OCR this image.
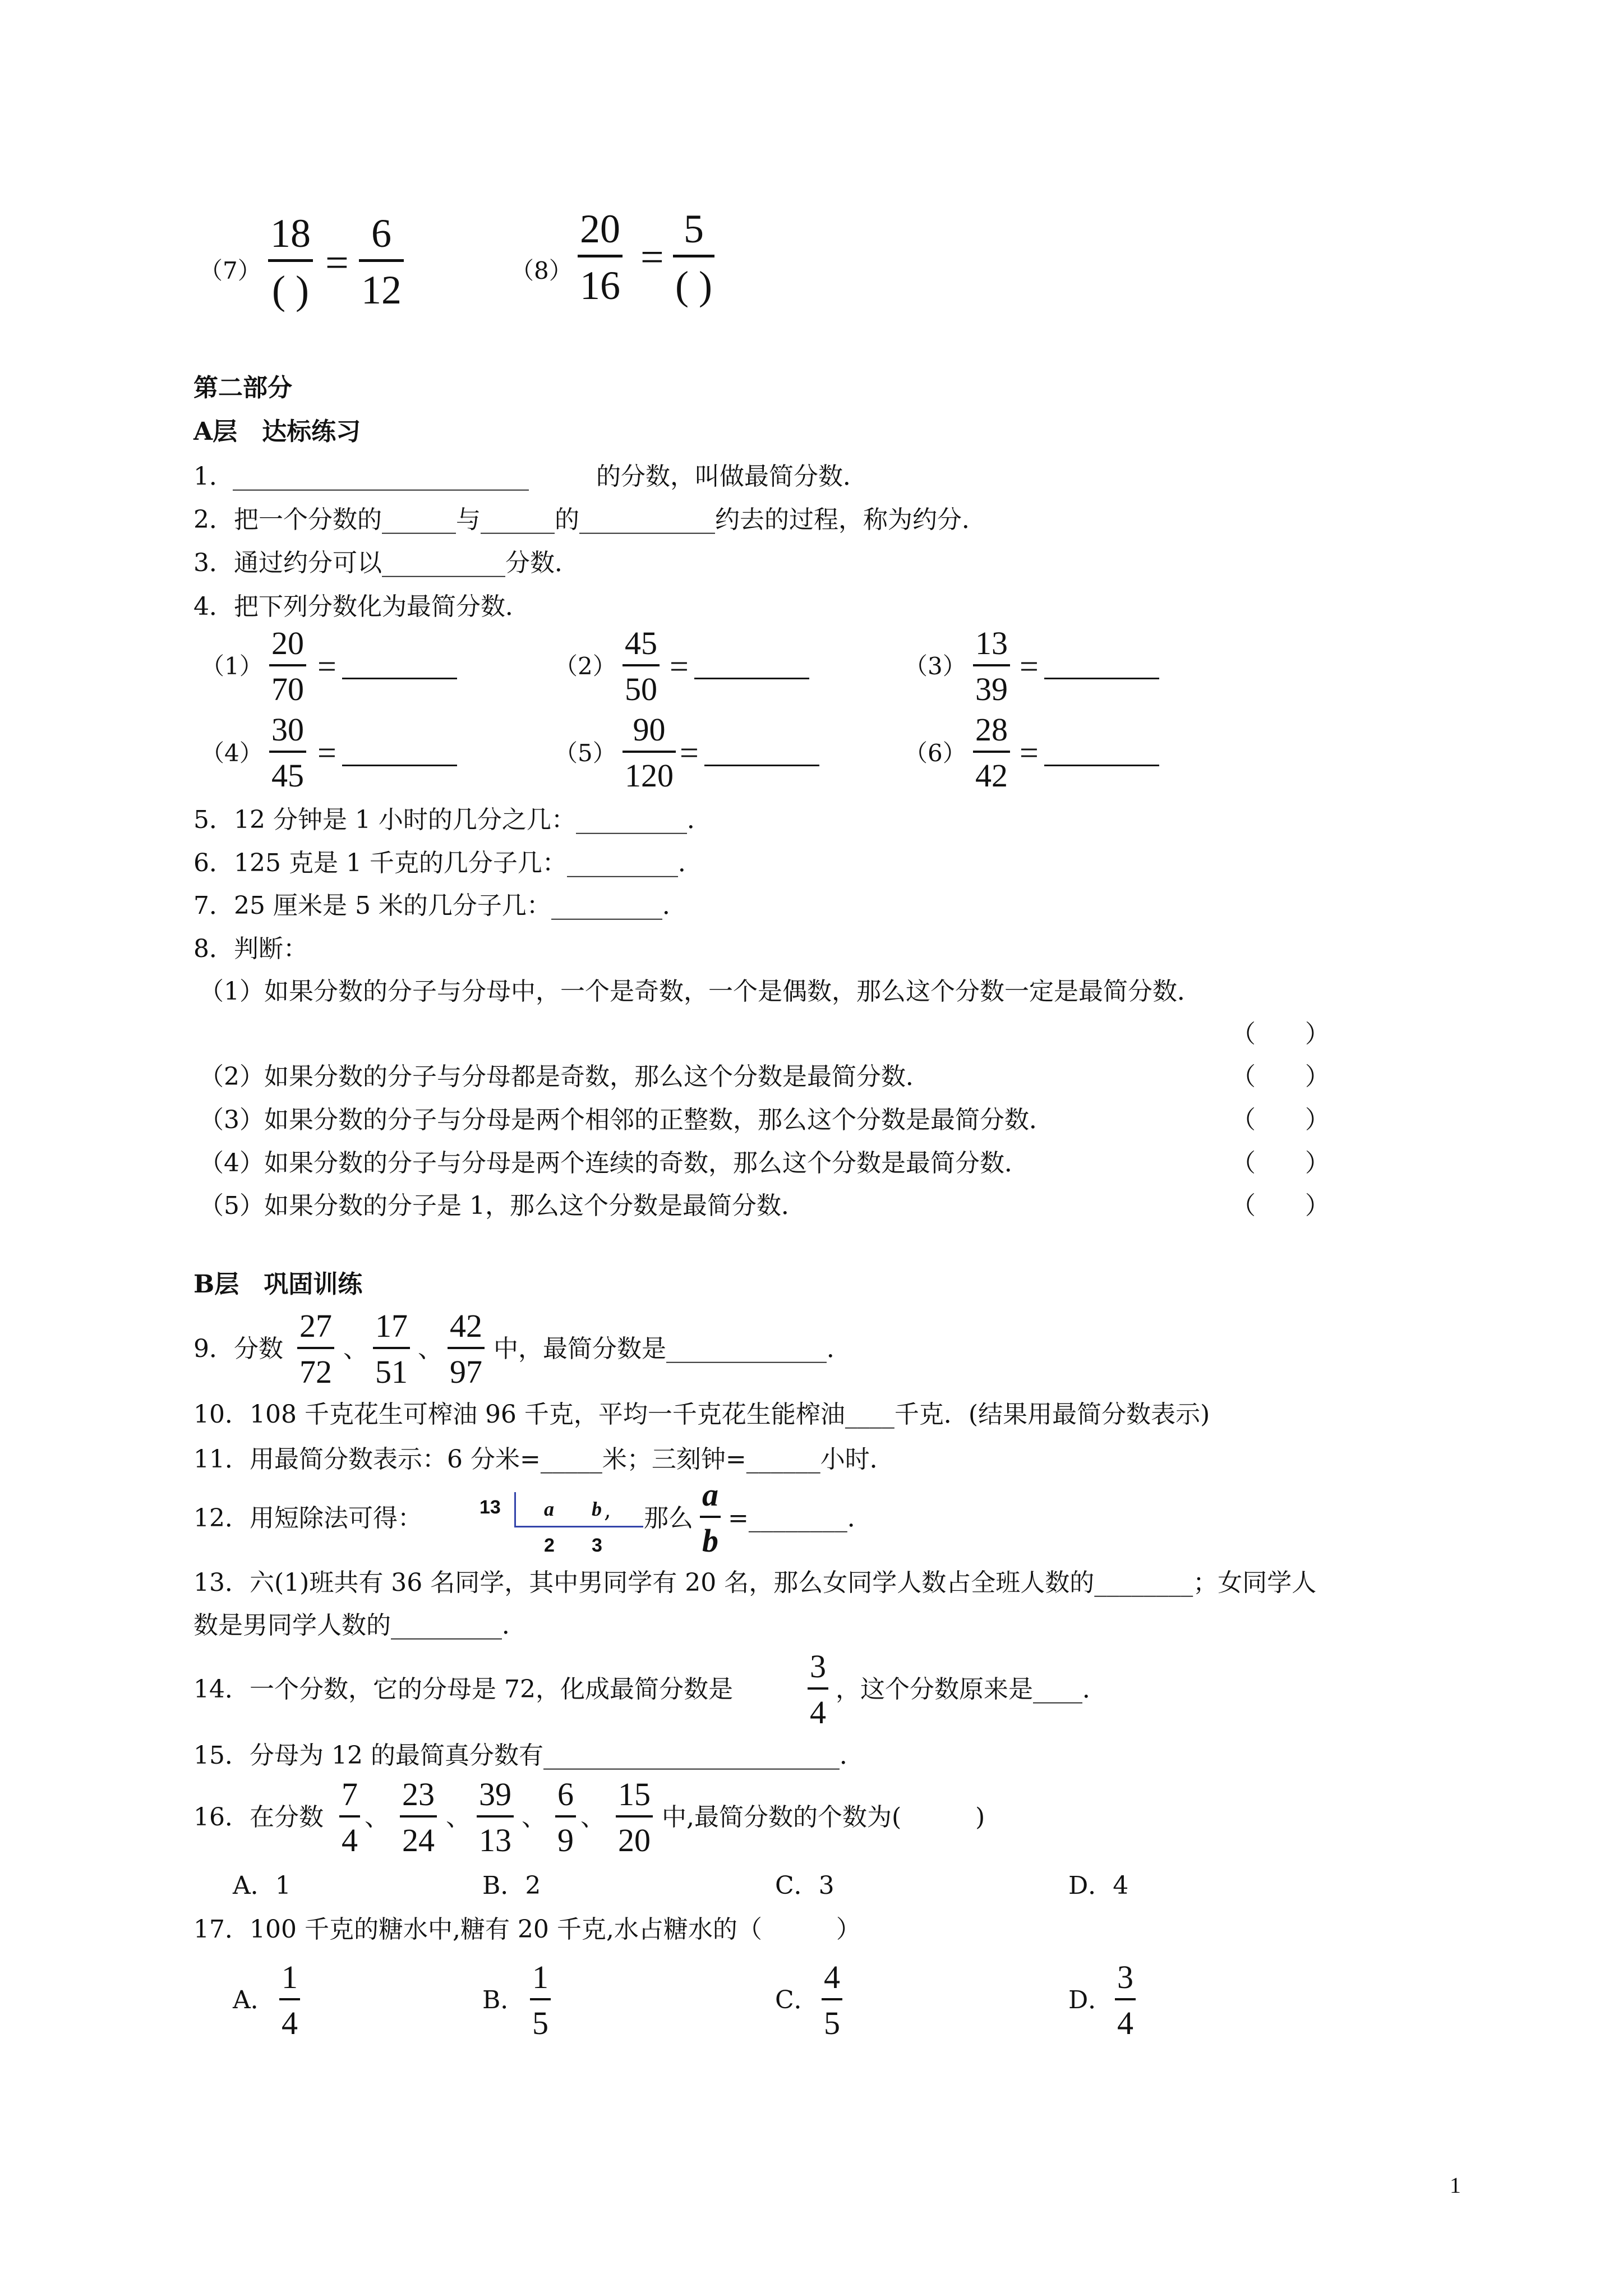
（7）
18
( )
=
6
12	（8）
20
16
=
5
( )
第二部分
A层　达标练习
1．
________________________	的分数，叫做最简分数．
2．把一个分数的______与______的___________约去的过程，称为约分．
3．通过约分可以__________分数．
4．把下列分数化为最简分数．
（1）
20
70
=	（2）
45
50
=	（3）
13
39
=
（4）
30
45
=	（5）
90
120
=	（6）
28
42
=
5．12 分钟是 1 小时的几分之几：_________．
6．125 克是 1 千克的几分子几：_________．
7．25 厘米是 5 米的几分子几：_________．
8．判断：
（1）如果分数的分子与分母中，一个是奇数，一个是偶数，那么这个分数一定是最简分数．
（　　）
（2）如果分数的分子与分母都是奇数，那么这个分数是最简分数．	（　　）
（3）如果分数的分子与分母是两个相邻的正整数，那么这个分数是最简分数．	（　　）
（4）如果分数的分子与分母是两个连续的奇数，那么这个分数是最简分数．	（　　）
（5）如果分数的分子是 1，那么这个分数是最简分数．	（　　）
B层　巩固训练
9．分数
27
72
、
17
51
、
42
97
中，最简分数是_____________．
10．108 千克花生可榨油 96 千克，平均一千克花生能榨油____千克．(结果用最简分数表示)
11．用最简分数表示：6 分米=_____米；三刻钟=______小时．
12．用短除法可得：	13 a b ,
2 3
那么
a
b
=________．
13．六(1)班共有 36 名同学，其中男同学有 20 名，那么女同学人数占全班人数的________；女同学人
数是男同学人数的_________．
14．一个分数，它的分母是 72，化成最简分数是
3
4
，这个分数原来是____．
15．分母为 12 的最简真分数有________________________．
16．在分数
7
4
、
23
24
、
39
13
、
6
9
、
15
20
中,最简分数的个数为(　　　)
A．1	B．2	C．3	D．4
17．100 千克的糖水中,糖有 20 千克,水占糖水的（　　　）
A．
1
4
B．
1
5
C．
4
5
D．
3
4
1
